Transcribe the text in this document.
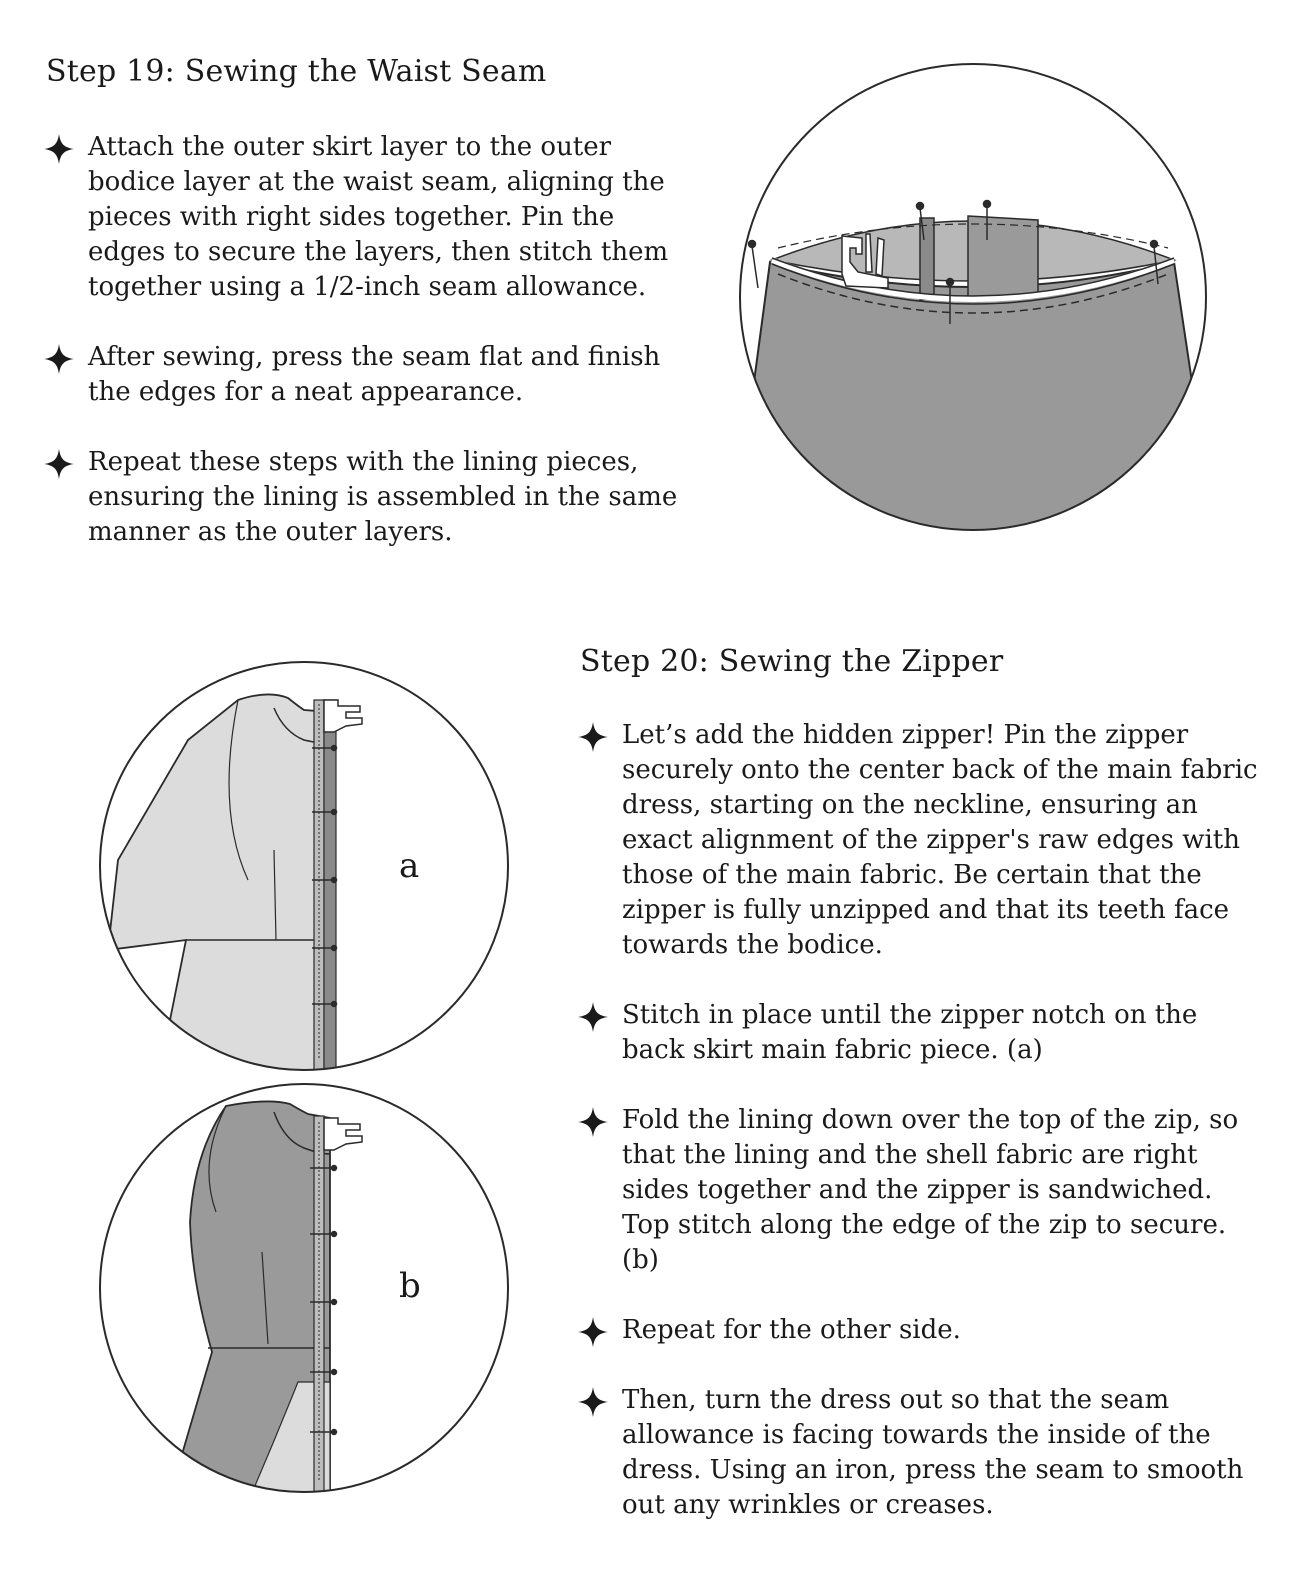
Step 19: Sewing the Waist Seam
Attach the outer skirt layer to the outer bodice layer at the waist seam, aligning the pieces with right sides together. Pin the edges to secure the layers, then stitch them together using a 1/2-inch seam allowance.
After sewing, press the seam flat and finish the edges for a neat appearance.
Repeat these steps with the lining pieces, ensuring the lining is assembled in the same manner as the outer layers.
Step 20: Sewing the Zipper
Let’s add the hidden zipper! Pin the zipper securely onto the center back of the main fabric dress, starting on the neckline, ensuring an exact alignment of the zipper's raw edges with those of the main fabric. Be certain that the zipper is fully unzipped and that its teeth face towards the bodice.
Stitch in place until the zipper notch on the back skirt main fabric piece. (a)
Fold the lining down over the top of the zip, so that the lining and the shell fabric are right sides together and the zipper is sandwiched. Top stitch along the edge of the zip to secure. (b)
Repeat for the other side.
Then, turn the dress out so that the seam allowance is facing towards the inside of the dress. Using an iron, press the seam to smooth out any wrinkles or creases.
a
b
